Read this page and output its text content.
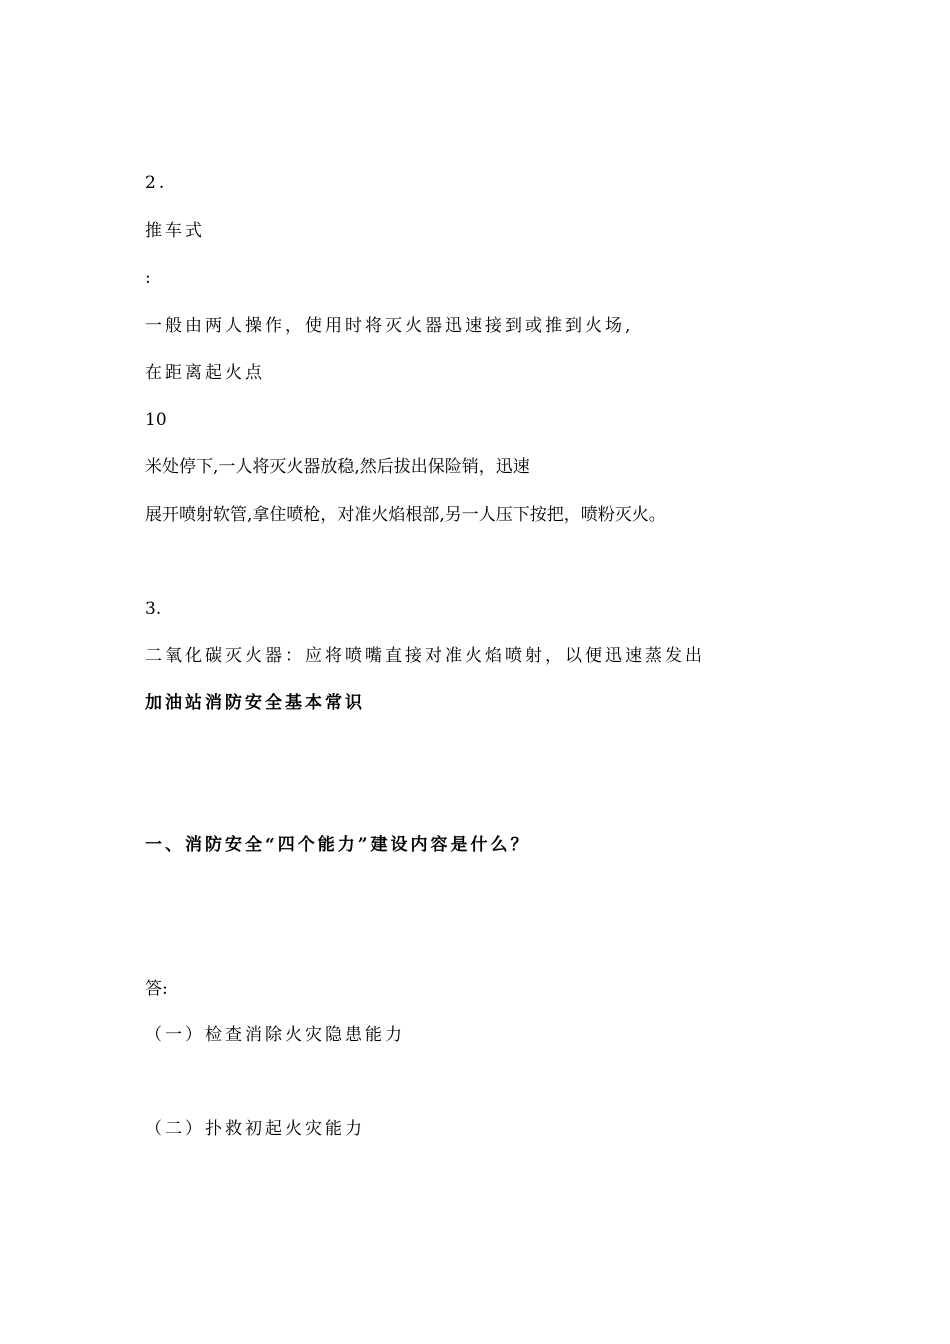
2.
推车式
:
一般由两人操作，使用时将灭火器迅速接到或推到火场,
在距离起火点
10
米处停下,一人将灭火器放稳,然后拔出保险销，迅速
展开喷射软管,拿住喷枪，对准火焰根部,另一人压下按把，喷粉灭火。
3.
二氧化碳灭火器：应将喷嘴直接对准火焰喷射，以便迅速蒸发出
加油站消防安全基本常识
一、消防安全“四个能力”建设内容是什么？
答:
（一）检查消除火灾隐患能力
（二）扑救初起火灾能力
